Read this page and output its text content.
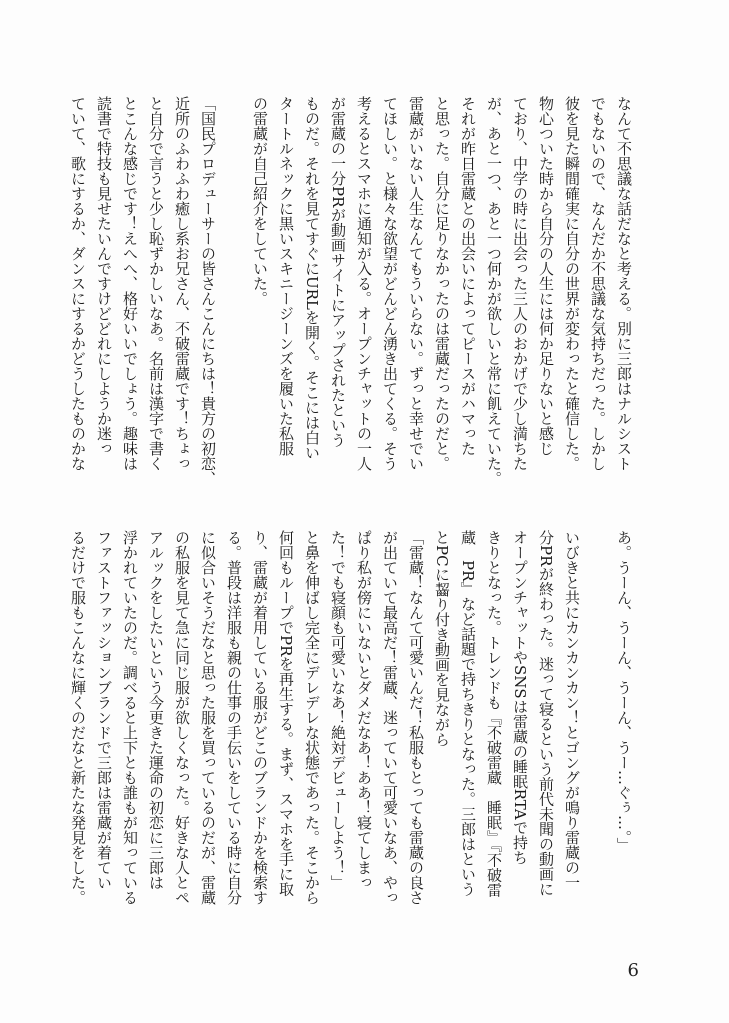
なんて不思議な話だなと考える。別に三郎はナルシスト
でもないので、なんだか不思議な気持ちだった。しかし
彼を見た瞬間確実に自分の世界が変わったと確信した。
物心ついた時から自分の人生には何か足りないと感じ
ており、中学の時に出会った三人のおかげで少し満ちた
が、あと一つ、あと一つ何かが欲しいと常に飢えていた。
それが昨日雷蔵との出会いによってピースがハマった
と思った。自分に足りなかったのは雷蔵だったのだと。
雷蔵がいない人生なんてもういらない。ずっと幸せでい
てほしい。と様々な欲望がどんどん湧き出てくる。そう
考えるとスマホに通知が入る。オープンチャットの一人
が雷蔵の一分PRが動画サイトにアップされたという
ものだ。それを見てすぐにURLを開く。そこには白い
タートルネックに黒いスキニージーンズを履いた私服
の雷蔵が自己紹介をしていた。
「国民プロデューサーの皆さんこんにちは！貴方の初恋、
近所のふわふわ癒し系お兄さん、不破雷蔵です！ちょっ
と自分で言うと少し恥ずかしいなあ。名前は漢字で書く
とこんな感じです！えへへ、格好いいでしょう。趣味は
読書で特技も見せたいんですけどどれにしようか迷っ
ていて、歌にするか、ダンスにするかどうしたものかな
あ。うーん、うーん、うーん、うー…ぐぅ…。」
いびきと共にカンカンカン！とゴングが鳴り雷蔵の一
分PRが終わった。迷って寝るという前代未聞の動画に
オープンチャットやSNSは雷蔵の睡眠RTAで持ち
きりとなった。トレンドも『不破雷蔵　睡眠』『不破雷
蔵　PR』など話題で持ちきりとなった。三郎はという
とPCに齧り付き動画を見ながら
「雷蔵！なんて可愛いんだ！私服もとっても雷蔵の良さ
が出ていて最高だ！雷蔵、迷っていて可愛いなあ、やっ
ぱり私が傍にいないとダメだなあ！ああ！寝てしまっ
た！でも寝顔も可愛いなあ！絶対デビューしよう！」
と鼻を伸ばし完全にデレデレな状態であった。そこから
何回もループでPRを再生する。まず、スマホを手に取
り、雷蔵が着用している服がどこのブランドかを検索す
る。普段は洋服も親の仕事の手伝いをしている時に自分
に似合いそうだなと思った服を買っているのだが、雷蔵
の私服を見て急に同じ服が欲しくなった。好きな人とペ
アルックをしたいという今更きた運命の初恋に三郎は
浮かれていたのだ。調べると上下とも誰もが知っている
ファストファッションブランドで三郎は雷蔵が着てい
るだけで服もこんなに輝くのだなと新たな発見をした。
6
